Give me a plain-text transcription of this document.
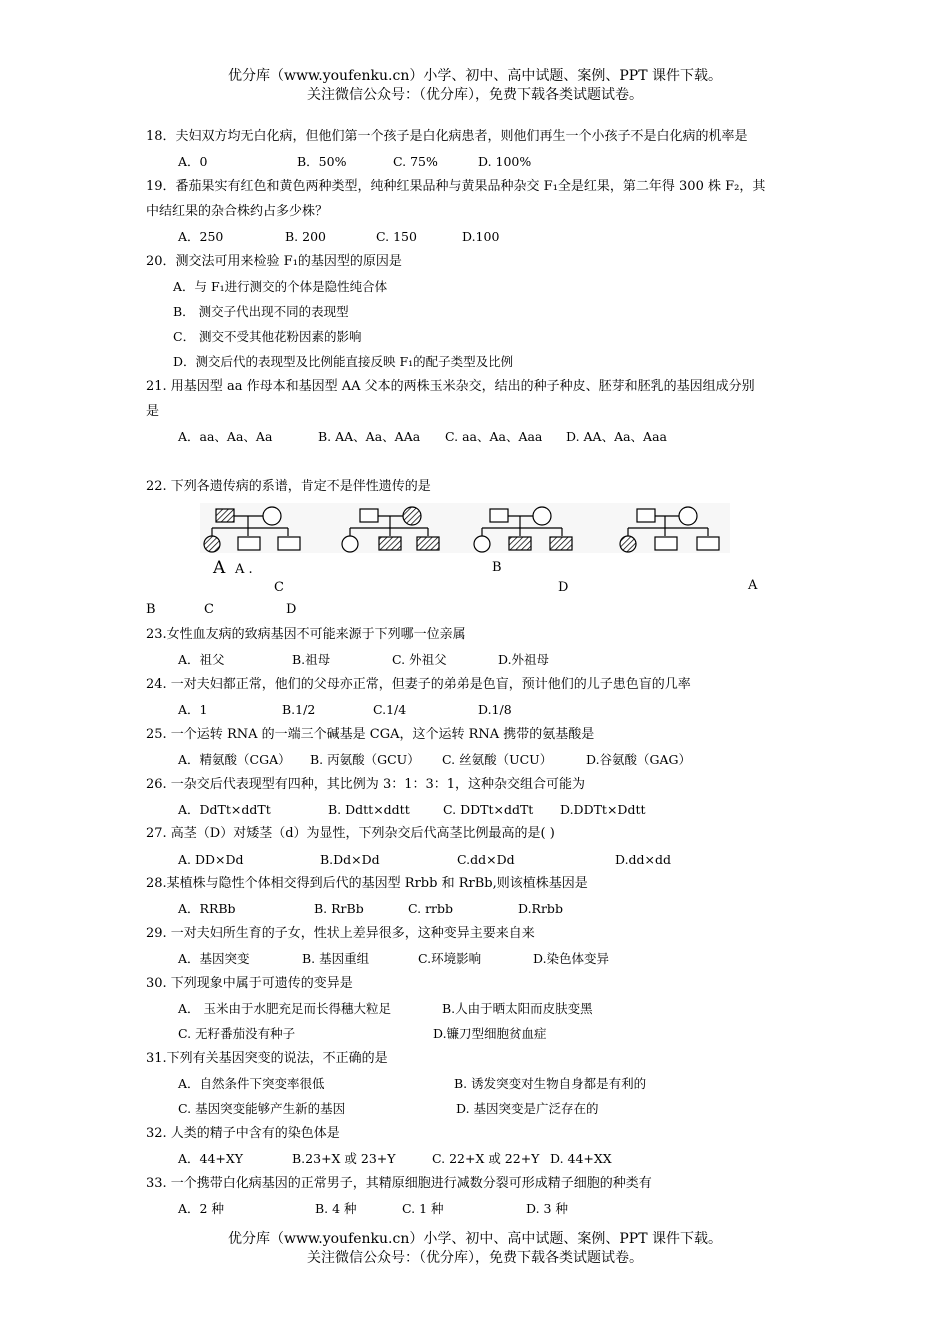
优分库（www.youfenku.cn）小学、初中、高中试题、案例、PPT 课件下载。
关注微信公众号：（优分库），免费下载各类试题试卷。
18．夫妇双方均无白化病，但他们第一个孩子是白化病患者，则他们再生一个小孩子不是白化病的机率是
A．0	B．50%	C. 75%	D. 100%
19．番茄果实有红色和黄色两种类型，纯种红果品种与黄果品种杂交 F₁全是红果，第二年得 300 株 F₂，其
中结红果的杂合株约占多少株？
A．250	B. 200	C. 150	D.100
20．测交法可用来检验 F₁的基因型的原因是
A．与 F₁进行测交的个体是隐性纯合体
B． 测交子代出现不同的表现型
C． 测交不受其他花粉因素的影响
D．测交后代的表现型及比例能直接反映 F₁的配子类型及比例
21. 用基因型 aa 作母本和基因型 AA 父本的两株玉米杂交，结出的种子种皮、胚芽和胚乳的基因组成分别
是
A．aa、Aa、Aa	B. AA、Aa、AAa C. aa、Aa、Aaa D. AA、Aa、Aaa
22. 下列各遗传病的系谱，肯定不是伴性遗传的是
A A .	B
C	D	A
B	C	D
23.女性血友病的致病基因不可能来源于下列哪一位亲属
A．祖父	B.祖母	C. 外祖父	D.外祖母
24. 一对夫妇都正常，他们的父母亦正常，但妻子的弟弟是色盲，预计他们的儿子患色盲的几率
A．1	B.1/2	C.1/4	D.1/8
25. 一个运转 RNA 的一端三个碱基是 CGA，这个运转 RNA 携带的氨基酸是
A．精氨酸（CGA） B. 丙氨酸（GCU） C. 丝氨酸（UCU）	D.谷氨酸（GAG）
26. 一杂交后代表现型有四种，其比例为 3：1：3：1，这种杂交组合可能为
A．DdTt×ddTt	B. Ddtt×ddtt	C. DDTt×ddTt D.DDTt×Ddtt
27. 高茎（D）对矮茎（d）为显性，下列杂交后代高茎比例最高的是( )
A. DD×Dd	B.Dd×Dd	C.dd×Dd	D.dd×dd
28.某植株与隐性个体相交得到后代的基因型 Rrbb 和 RrBb,则该植株基因是
A．RRBb	B. RrBb	C. rrbb	D.Rrbb
29. 一对夫妇所生育的子女，性状上差异很多，这种变异主要来自来
A．基因突变	B. 基因重组	C.环境影响	D.染色体变异
30. 下列现象中属于可遗传的变异是
A． 玉米由于水肥充足而长得穗大粒足	B.人由于晒太阳而皮肤变黑
C. 无籽番茄没有种子	D.镰刀型细胞贫血症
31.下列有关基因突变的说法，不正确的是
A．自然条件下突变率很低	B. 诱发突变对生物自身都是有利的
C. 基因突变能够产生新的基因	D. 基因突变是广泛存在的
32. 人类的精子中含有的染色体是
A．44+XY	B.23+X 或 23+Y	C. 22+X 或 22+Y D. 44+XX
33. 一个携带白化病基因的正常男子，其精原细胞进行减数分裂可形成精子细胞的种类有
A．2 种	B. 4 种	C. 1 种	D. 3 种
优分库（www.youfenku.cn）小学、初中、高中试题、案例、PPT 课件下载。
关注微信公众号：（优分库），免费下载各类试题试卷。
